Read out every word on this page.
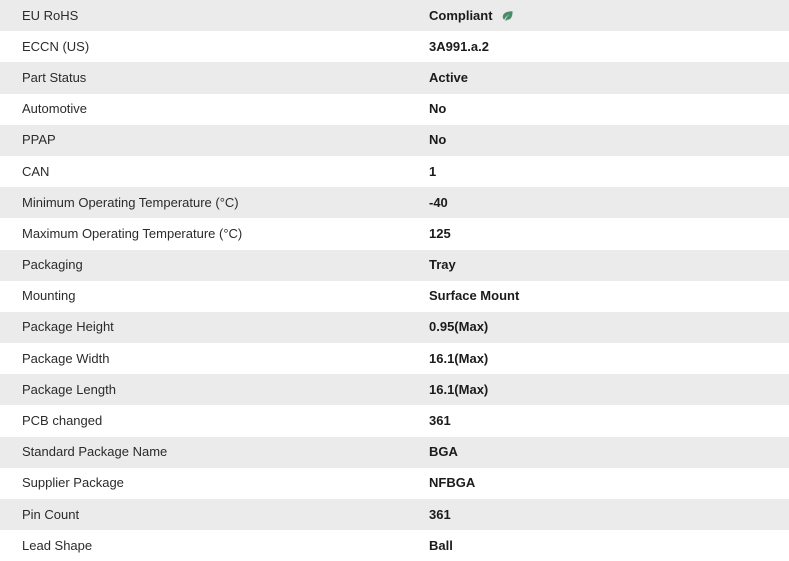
EU RoHS	Compliant

ECCN (US)	3A991.a.2
Part Status	Active
Automotive	No
PPAP	No
CAN	1
Minimum Operating Temperature (°C)	-40
Maximum Operating Temperature (°C)	125
Packaging	Tray
Mounting	Surface Mount
Package Height	0.95(Max)
Package Width	16.1(Max)
Package Length	16.1(Max)
PCB changed	361
Standard Package Name	BGA
Supplier Package	NFBGA
Pin Count	361
Lead Shape	Ball
